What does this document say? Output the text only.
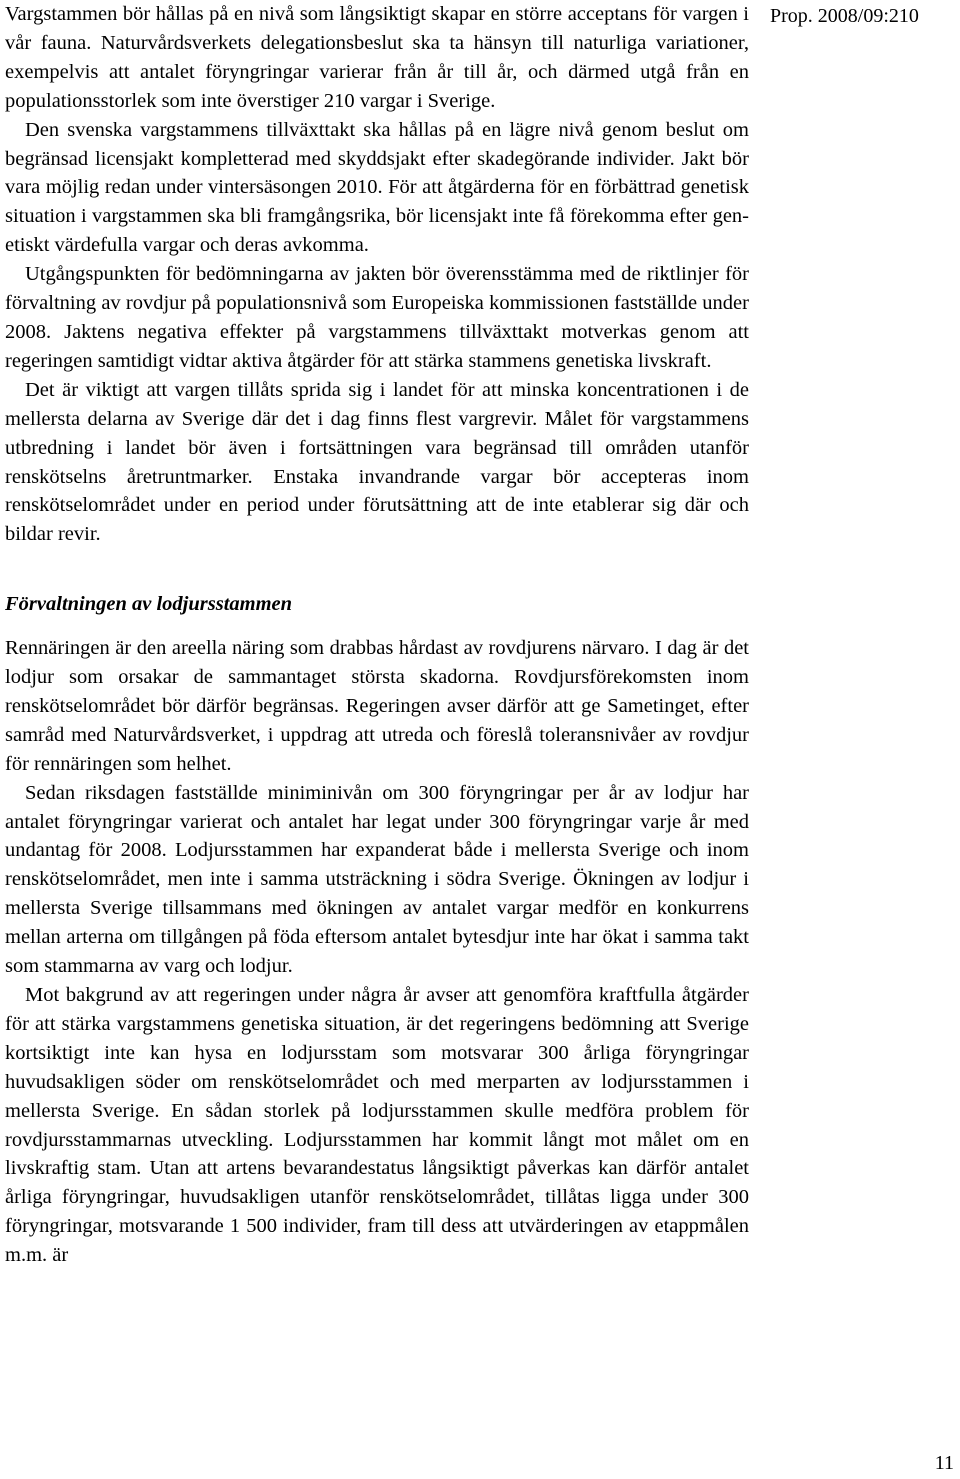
Vargstammen bör hållas på en nivå som långsiktigt skapar en större acceptans för vargen i vår fauna. Naturvårdsverkets delegationsbeslut ska ta hänsyn till naturliga variationer, exempelvis att antalet föryngringar varierar från år till år, och därmed utgå från en populationsstorlek som inte överstiger 210 vargar i Sverige.

Den svenska vargstammens tillväxttakt ska hållas på en lägre nivå genom beslut om begränsad licensjakt kompletterad med skyddsjakt efter skadegörande individer. Jakt bör vara möjlig redan under vintersäsongen 2010. För att åtgärderna för en förbättrad genetisk situation i vargstammen ska bli framgångsrika, bör licensjakt inte få förekomma efter genetiskt värdefulla vargar och deras avkomma.

Utgångspunkten för bedömningarna av jakten bör överensstämma med de riktlinjer för förvaltning av rovdjur på populationsnivå som Europeiska kommissionen fastställde under 2008. Jaktens negativa effekter på vargstammens tillväxttakt motverkas genom att regeringen samtidigt vidtar aktiva åtgärder för att stärka stammens genetiska livskraft.

Det är viktigt att vargen tillåts sprida sig i landet för att minska koncentrationen i de mellersta delarna av Sverige där det i dag finns flest vargrevir. Målet för vargstammens utbredning i landet bör även i fortsättningen vara begränsad till områden utanför renskötselns åretruntmarker. Enstaka invandrande vargar bör accepteras inom renskötselområdet under en period under förutsättning att de inte etablerar sig där och bildar revir.

Förvaltningen av lodjursstammen

Rennäringen är den areella näring som drabbas hårdast av rovdjurens närvaro. I dag är det lodjur som orsakar de sammantaget största skadorna. Rovdjursförekomsten inom renskötselområdet bör därför begränsas. Regeringen avser därför att ge Sametinget, efter samråd med Naturvårdsverket, i uppdrag att utreda och föreslå toleransnivåer av rovdjur för rennäringen som helhet.

Sedan riksdagen fastställde miniminivån om 300 föryngringar per år av lodjur har antalet föryngringar varierat och antalet har legat under 300 föryngringar varje år med undantag för 2008. Lodjursstammen har expanderat både i mellersta Sverige och inom renskötselområdet, men inte i samma utsträckning i södra Sverige. Ökningen av lodjur i mellersta Sverige tillsammans med ökningen av antalet vargar medför en konkurrens mellan arterna om tillgången på föda eftersom antalet bytesdjur inte har ökat i samma takt som stammarna av varg och lodjur.

Mot bakgrund av att regeringen under några år avser att genomföra kraftfulla åtgärder för att stärka vargstammens genetiska situation, är det regeringens bedömning att Sverige kortsiktigt inte kan hysa en lodjursstam som motsvarar 300 årliga föryngringar huvudsakligen söder om renskötselområdet och med merparten av lodjursstammen i mellersta Sverige. En sådan storlek på lodjursstammen skulle medföra problem för rovdjursstammarnas utveckling. Lodjursstammen har kommit långt mot målet om en livskraftig stam. Utan att artens bevarandestatus långsiktigt påverkas kan därför antalet årliga föryngringar, huvudsakligen utanför renskötselområdet, tillåtas ligga under 300 föryngringar, motsvarande 1 500 individer, fram till dess att utvärderingen av etappmålen m.m. är

Prop. 2008/09:210
11
